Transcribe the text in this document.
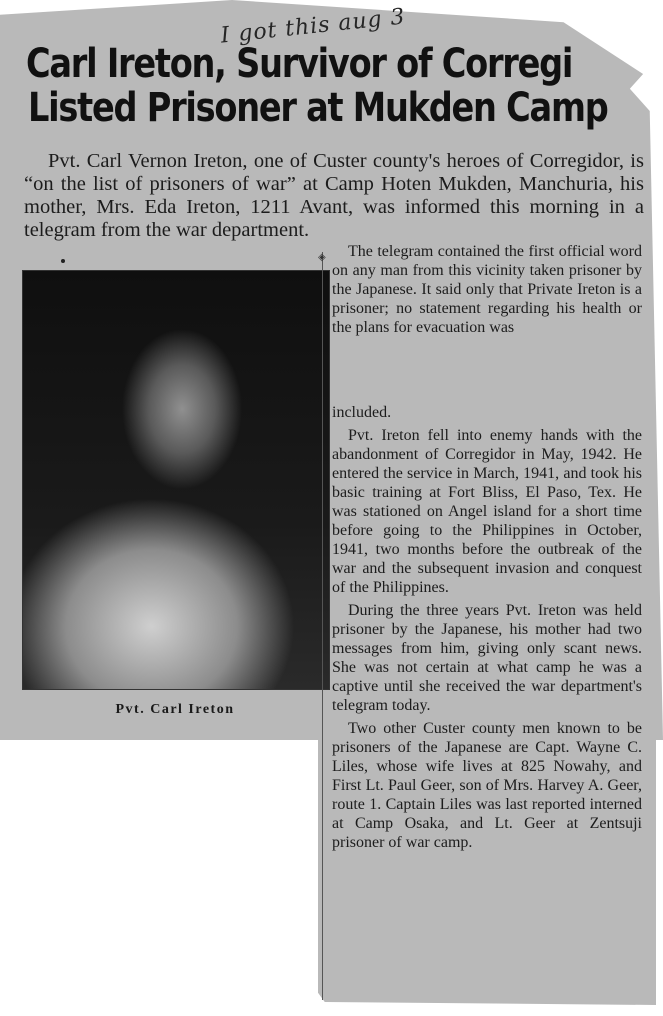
I got this aug 3
Carl Ireton, Survivor of Corregi
Listed Prisoner at Mukden Camp

Pvt. Carl Vernon Ireton, one of Custer county's heroes of Corregidor, is “on the list of prisoners of war” at Camp Hoten Mukden, Manchuria, his mother, Mrs. Eda Ireton, 1211 Avant, was informed this morning in a telegram from the war department.

Pvt. Carl Ireton

◈	The telegram contained the first official word on any man from this vicinity taken prisoner by the Japanese. It said only that Private Ireton is a prisoner; no statement regarding his health or the plans for evacuation was

included.

Pvt. Ireton fell into enemy hands with the abandonment of Corregidor in May, 1942. He entered the service in March, 1941, and took his basic training at Fort Bliss, El Paso, Tex. He was stationed on Angel island for a short time before going to the Philippines in October, 1941, two months before the outbreak of the war and the subsequent invasion and conquest of the Philippines.

During the three years Pvt. Ireton was held prisoner by the Japanese, his mother had two messages from him, giving only scant news. She was not certain at what camp he was a captive until she received the war department's telegram today.

Two other Custer county men known to be prisoners of the Japanese are Capt. Wayne C. Liles, whose wife lives at 825 Nowahy, and First Lt. Paul Geer, son of Mrs. Harvey A. Geer, route 1. Captain Liles was last reported interned at Camp Osaka, and Lt. Geer at Zentsuji prisoner of war camp.
